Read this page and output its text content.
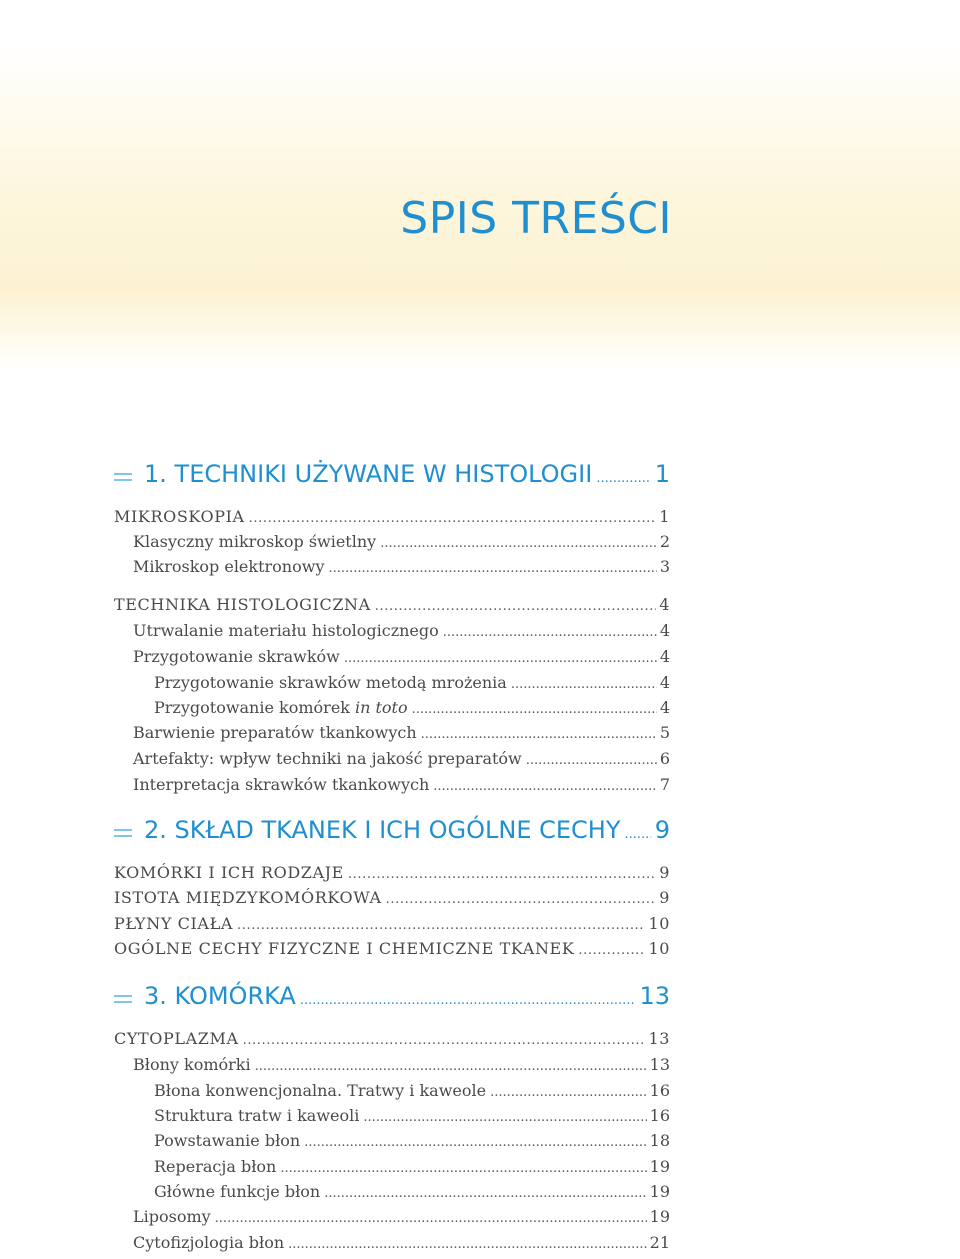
SPIS TREŚCI
1. TECHNIKI UŻYWANE W HISTOLOGII .....	1
MIKROSKOPIA .....	1
Klasyczny mikroskop świetlny .....	2
Mikroskop elektronowy .....	3
TECHNIKA HISTOLOGICZNA .....	4
Utrwalanie materiału histologicznego .....	4
Przygotowanie skrawków .....	4
Przygotowanie skrawków metodą mrożenia .....	4
Przygotowanie komórek in toto .....	4
Barwienie preparatów tkankowych .....	5
Artefakty: wpływ techniki na jakość preparatów .....	6
Interpretacja skrawków tkankowych .....	7
2. SKŁAD TKANEK I ICH OGÓLNE CECHY ..... 9
KOMÓRKI I ICH RODZAJE .....	9
ISTOTA MIĘDZYKOMÓRKOWA .....	9
PŁYNY CIAŁA .....	10
OGÓLNE CECHY FIZYCZNE I CHEMICZNE TKANEK .....	10
3. KOMÓRKA .....	13
CYTOPLAZMA .....	13
Błony komórki .....	13
Błona konwencjonalna. Tratwy i kaweole .....	16
Struktura tratw i kaweoli .....	16
Powstawanie błon .....	18
Reperacja błon .....	19
Główne funkcje błon .....	19
Liposomy .....	19
Cytofizjologia błon .....	21
